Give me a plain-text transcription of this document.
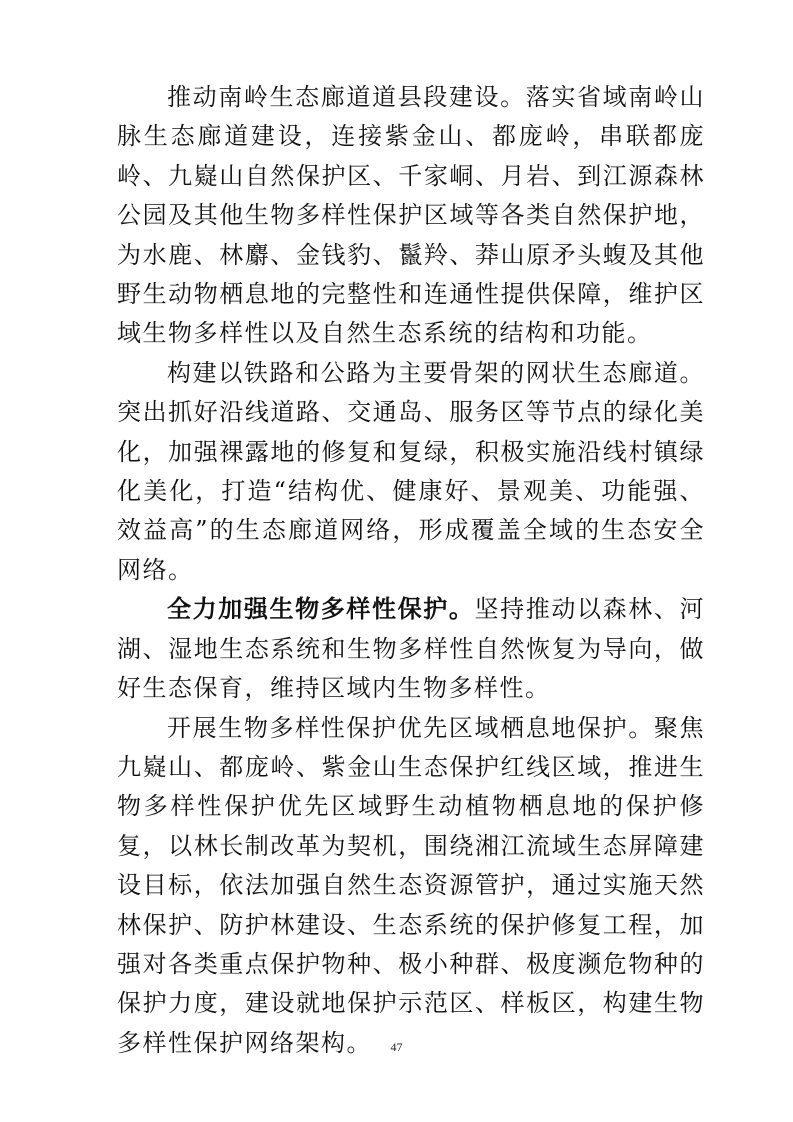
推动南岭生态廊道道县段建设。落实省域南岭山脉生态廊道建设，连接紫金山、都庞岭，串联都庞岭、九嶷山自然保护区、千家峒、月岩、到江源森林公园及其他生物多样性保护区域等各类自然保护地，为水鹿、林麝、金钱豹、鬣羚、莽山原矛头蝮及其他野生动物栖息地的完整性和连通性提供保障，维护区域生物多样性以及自然生态系统的结构和功能。

构建以铁路和公路为主要骨架的网状生态廊道。突出抓好沿线道路、交通岛、服务区等节点的绿化美化，加强裸露地的修复和复绿，积极实施沿线村镇绿化美化，打造“结构优、健康好、景观美、功能强、效益高”的生态廊道网络，形成覆盖全域的生态安全网络。

全力加强生物多样性保护。坚持推动以森林、河湖、湿地生态系统和生物多样性自然恢复为导向，做好生态保育，维持区域内生物多样性。

开展生物多样性保护优先区域栖息地保护。聚焦九嶷山、都庞岭、紫金山生态保护红线区域，推进生物多样性保护优先区域野生动植物栖息地的保护修复，以林长制改革为契机，围绕湘江流域生态屏障建设目标，依法加强自然生态资源管护，通过实施天然林保护、防护林建设、生态系统的保护修复工程，加强对各类重点保护物种、极小种群、极度濒危物种的保护力度，建设就地保护示范区、样板区，构建生物多样性保护网络架构。	47
